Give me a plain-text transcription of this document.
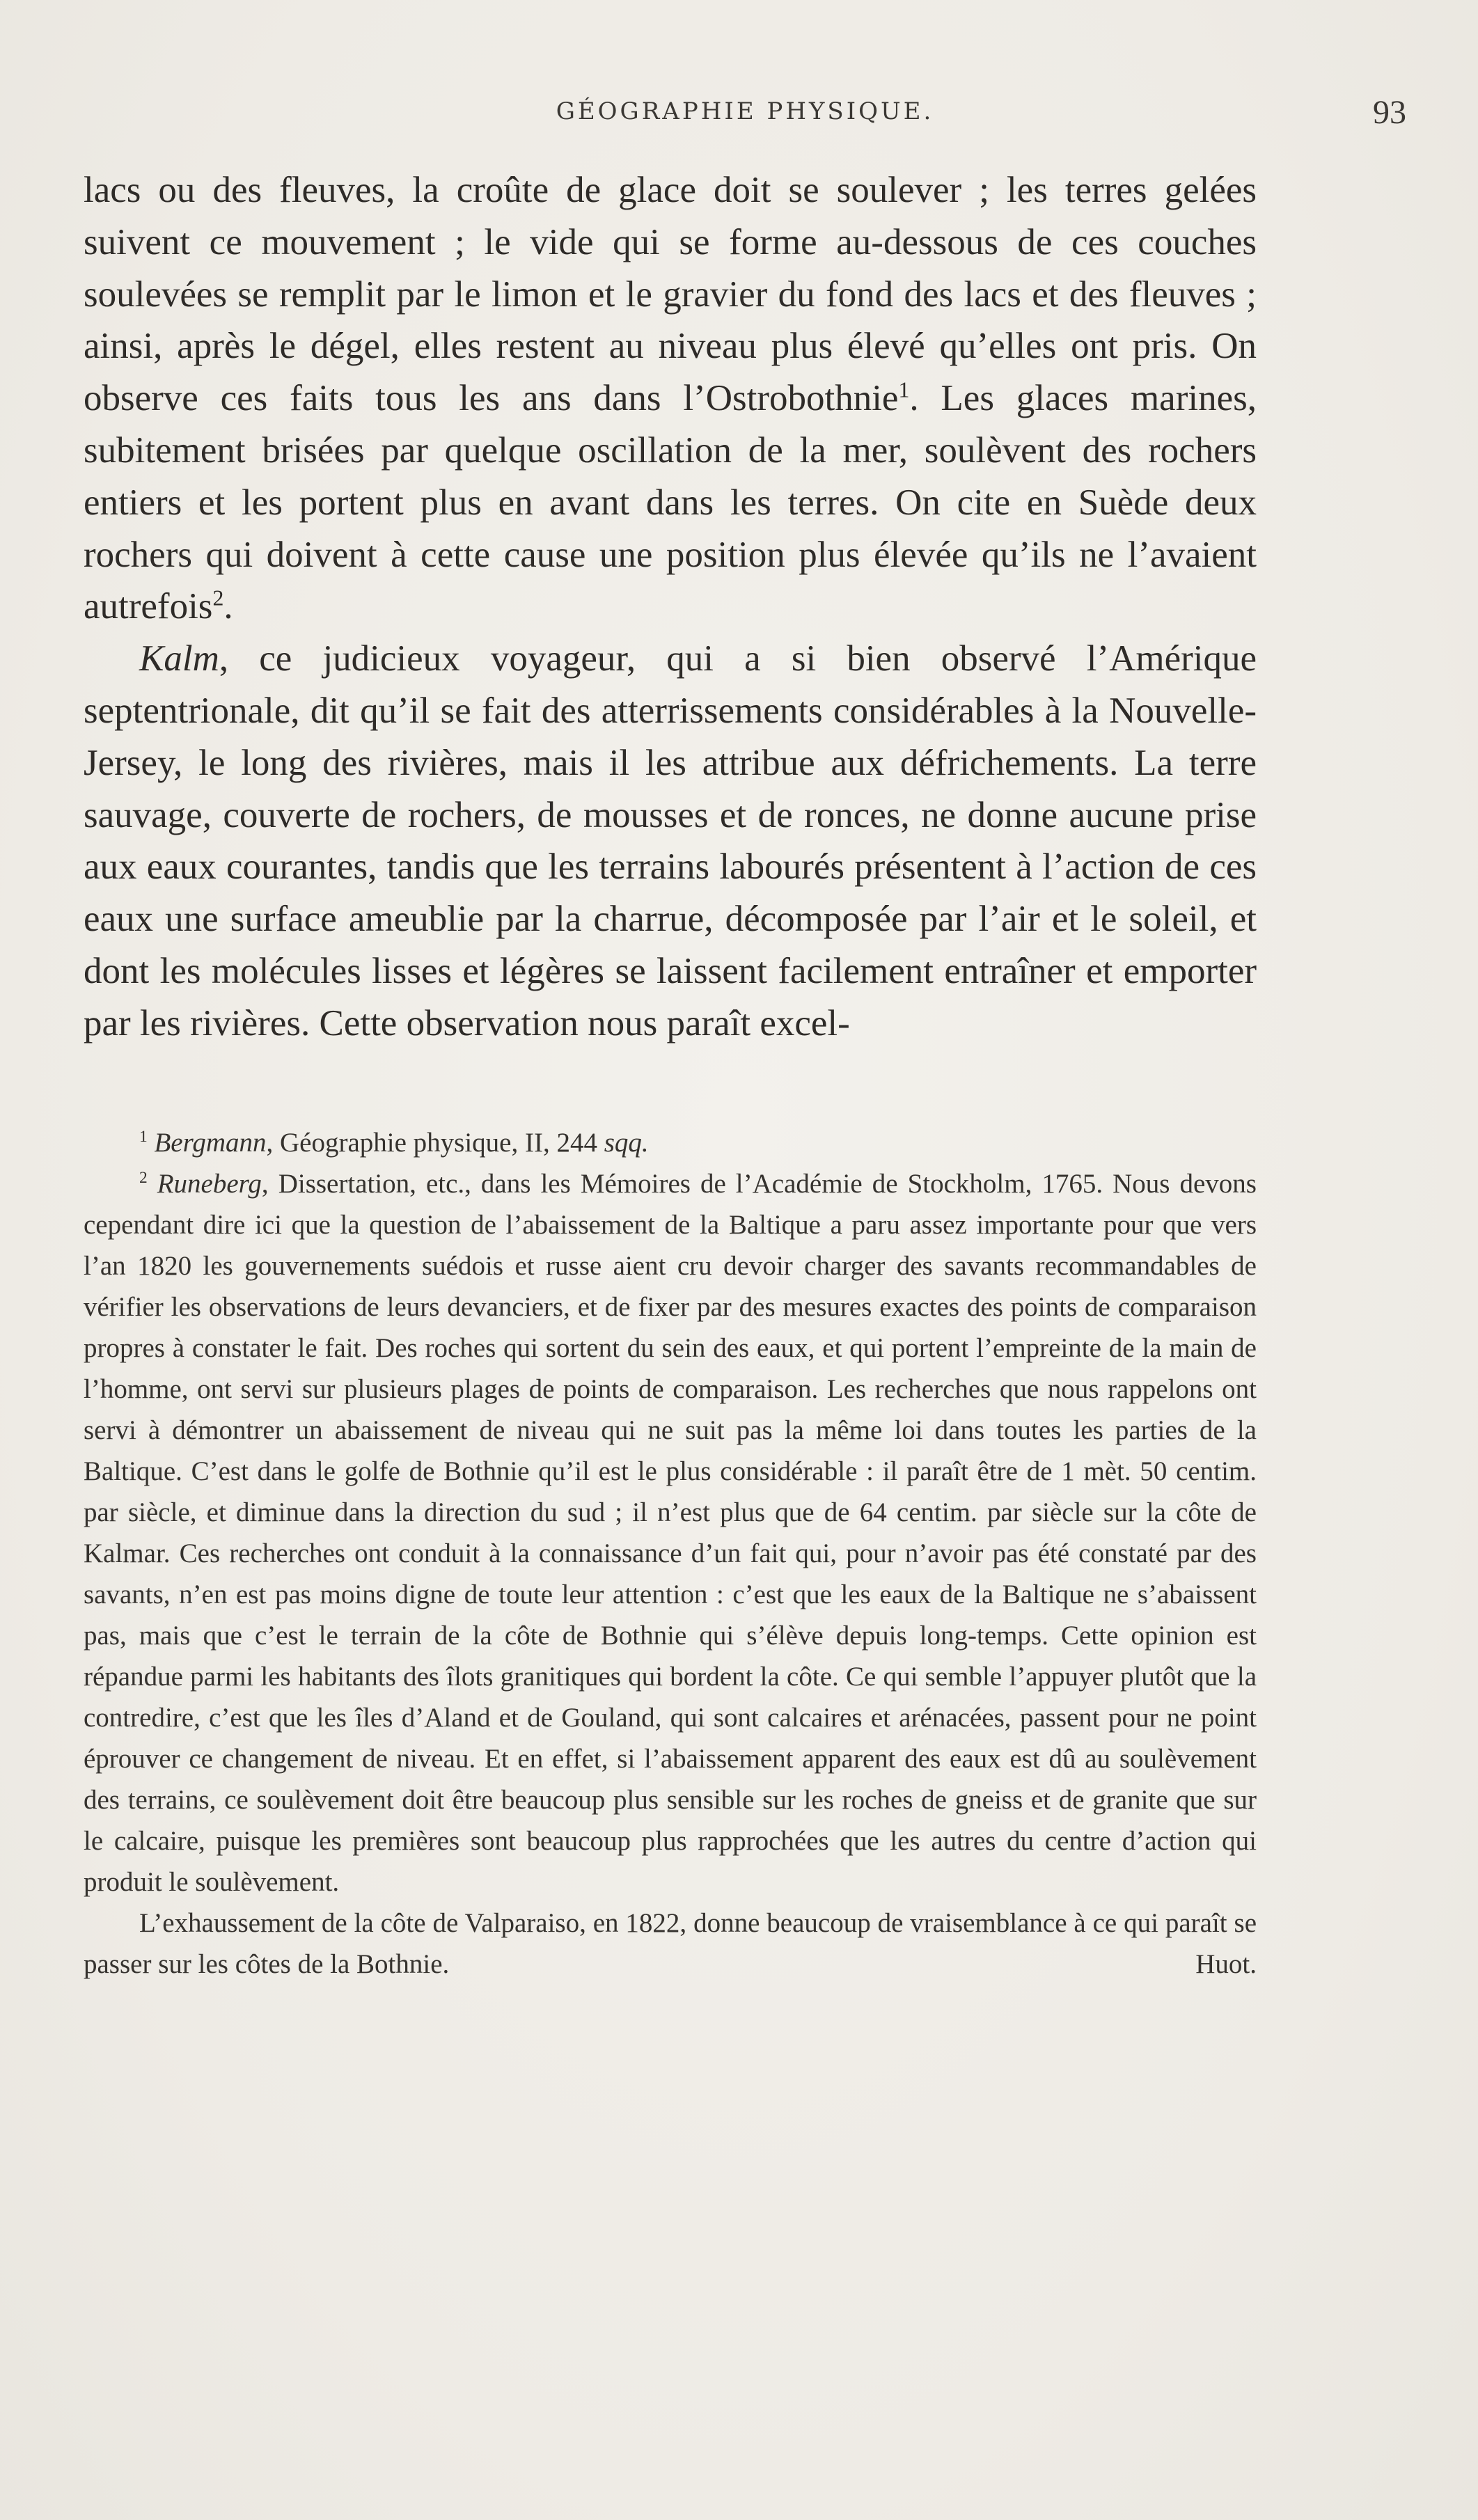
GÉOGRAPHIE PHYSIQUE.	93

lacs ou des fleuves, la croûte de glace doit se soulever ; les terres gelées suivent ce mouvement ; le vide qui se forme au-dessous de ces couches soulevées se remplit par le limon et le gravier du fond des lacs et des fleuves ; ainsi, après le dégel, elles restent au niveau plus élevé qu’elles ont pris. On observe ces faits tous les ans dans l’Ostrobothnie$^1$. Les glaces marines, subitement brisées par quelque oscillation de la mer, soulèvent des rochers entiers et les portent plus en avant dans les terres. On cite en Suède deux rochers qui doivent à cette cause une position plus élevée qu’ils ne l’avaient autrefois$^2$.

Kalm, ce judicieux voyageur, qui a si bien observé l’Amérique septentrionale, dit qu’il se fait des atterrissements considérables à la Nouvelle-Jersey, le long des rivières, mais il les attribue aux défrichements. La terre sauvage, couverte de rochers, de mousses et de ronces, ne donne aucune prise aux eaux courantes, tandis que les terrains labourés présentent à l’action de ces eaux une surface ameublie par la charrue, décomposée par l’air et le soleil, et dont les molécules lisses et légères se laissent facilement entraîner et emporter par les rivières. Cette observation nous paraît excel-

$^1$ Bergmann, Géographie physique, II, 244 sqq.

$^2$ Runeberg, Dissertation, etc., dans les Mémoires de l’Académie de Stockholm, 1765. Nous devons cependant dire ici que la question de l’abaissement de la Baltique a paru assez importante pour que vers l’an 1820 les gouvernements suédois et russe aient cru devoir charger des savants recommandables de vérifier les observations de leurs devanciers, et de fixer par des mesures exactes des points de comparaison propres à constater le fait. Des roches qui sortent du sein des eaux, et qui portent l’empreinte de la main de l’homme, ont servi sur plusieurs plages de points de comparaison. Les recherches que nous rappelons ont servi à démontrer un abaissement de niveau qui ne suit pas la même loi dans toutes les parties de la Baltique. C’est dans le golfe de Bothnie qu’il est le plus considérable : il paraît être de 1 mèt. 50 centim. par siècle, et diminue dans la direction du sud ; il n’est plus que de 64 centim. par siècle sur la côte de Kalmar. Ces recherches ont conduit à la connaissance d’un fait qui, pour n’avoir pas été constaté par des savants, n’en est pas moins digne de toute leur attention : c’est que les eaux de la Baltique ne s’abaissent pas, mais que c’est le terrain de la côte de Bothnie qui s’élève depuis long-temps. Cette opinion est répandue parmi les habitants des îlots granitiques qui bordent la côte. Ce qui semble l’appuyer plutôt que la contredire, c’est que les îles d’Aland et de Gouland, qui sont calcaires et arénacées, passent pour ne point éprouver ce changement de niveau. Et en effet, si l’abaissement apparent des eaux est dû au soulèvement des terrains, ce soulèvement doit être beaucoup plus sensible sur les roches de gneiss et de granite que sur le calcaire, puisque les premières sont beaucoup plus rapprochées que les autres du centre d’action qui produit le soulèvement.

L’exhaussement de la côte de Valparaiso, en 1822, donne beaucoup de vraisemblance à ce qui paraît se passer sur les côtes de la Bothnie.	Huot.
